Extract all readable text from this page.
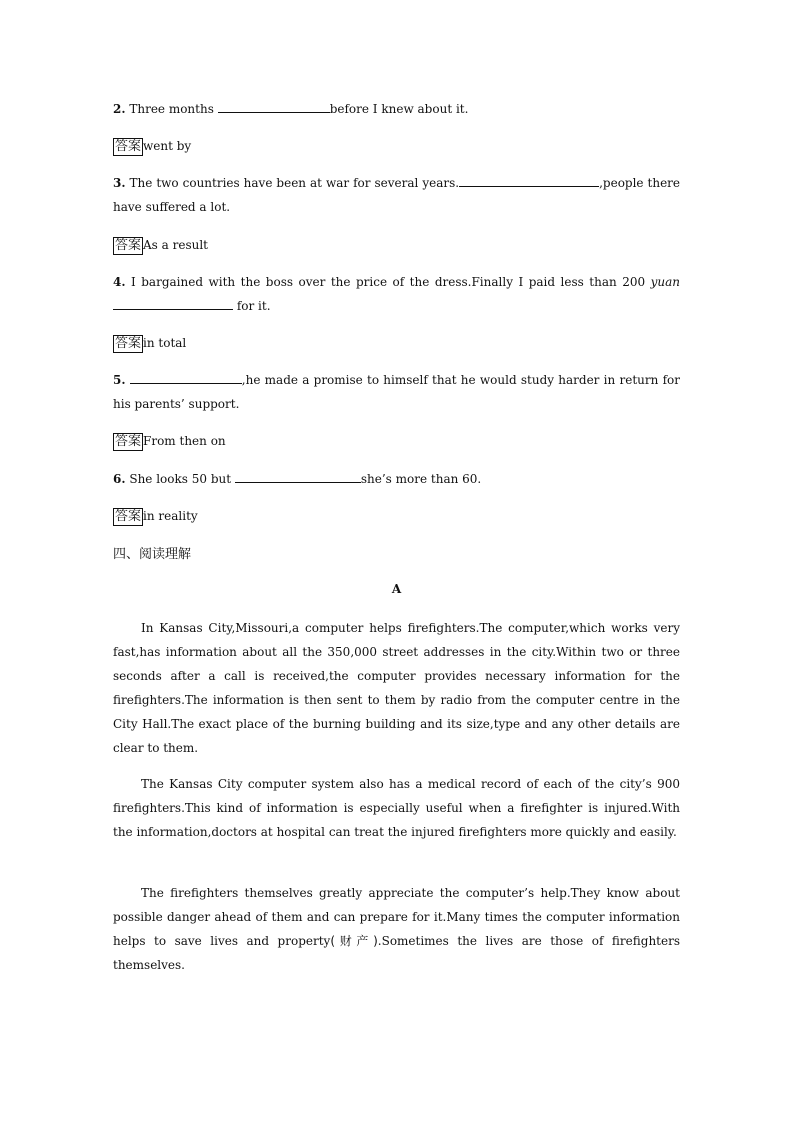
2. Three months	before I knew about it.
答案 went by
3. The two countries have been at war for several years.	,people there have suffered a lot.
答案 As a result
4. I bargained with the boss over the price of the dress.Finally I paid less than 200 yuan for it.
答案 in total
5.	,he made a promise to himself that he would study harder in return for his parents’ support.
答案 From then on
6. She looks 50 but	she’s more than 60.
答案 in reality
四、阅读理解
A
In Kansas City,Missouri,a computer helps firefighters.The computer,which works very fast,has information about all the 350,000 street addresses in the city.Within two or three seconds after a call is received,the computer provides necessary information for the firefighters.The information is then sent to them by radio from the computer centre in the City Hall.The exact place of the burning building and its size,type and any other details are clear to them.
The Kansas City computer system also has a medical record of each of the city’s 900 firefighters.This kind of information is especially useful when a firefighter is injured.With the information,doctors at hospital can treat the injured firefighters more quickly and easily.
The firefighters themselves greatly appreciate the computer’s help.They know about possible danger ahead of them and can prepare for it.Many times the computer information helps to save lives and property(财产).Sometimes the lives are those of firefighters themselves.
